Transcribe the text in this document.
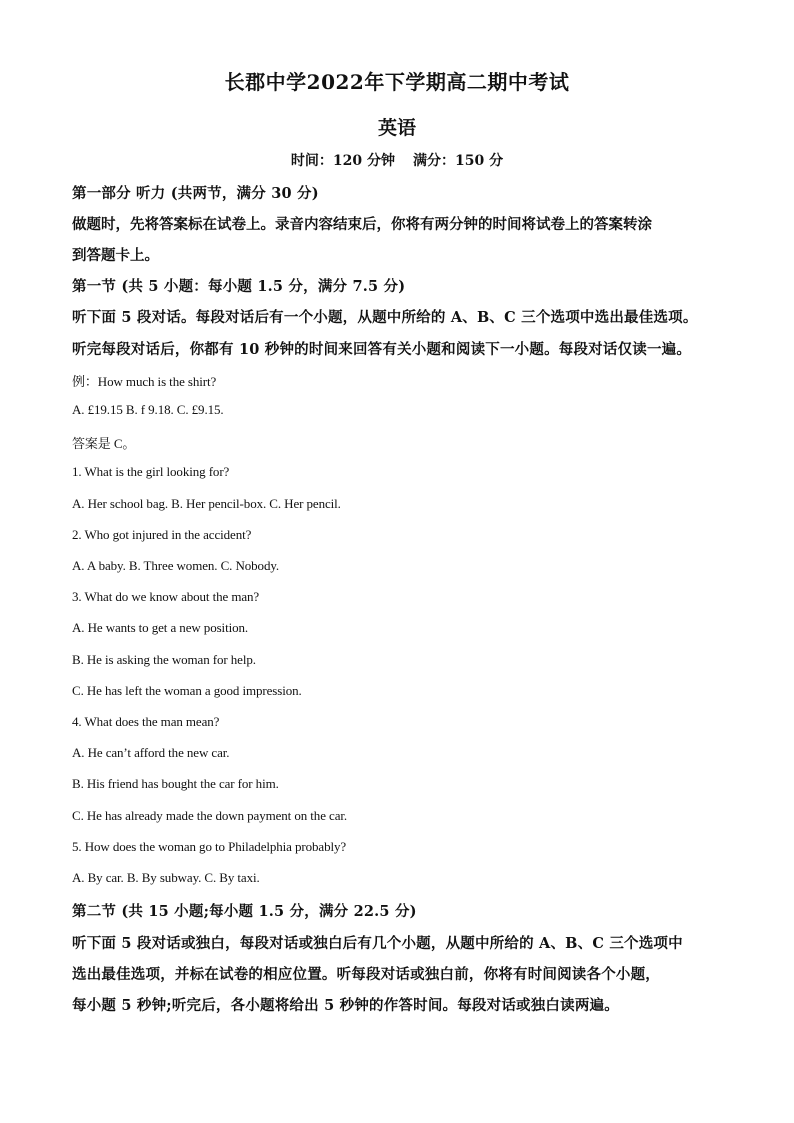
长郡中学2022年下学期高二期中考试
英语
时间：120 分钟 满分：150 分
第一部分 听力 (共两节，满分 30 分)
做题时，先将答案标在试卷上。录音内容结束后，你将有两分钟的时间将试卷上的答案转涂
到答题卡上。
第一节 (共 5 小题：每小题 1.5 分，满分 7.5 分)
听下面 5 段对话。每段对话后有一个小题，从题中所给的 A、B、C 三个选项中选出最佳选项。
听完每段对话后，你都有 10 秒钟的时间来回答有关小题和阅读下一小题。每段对话仅读一遍。
例：How much is the shirt?
A. £19.15 B. f 9.18. C. £9.15.
答案是 C。
1. What is the girl looking for?
A. Her school bag. B. Her pencil-box. C. Her pencil.
2. Who got injured in the accident?
A. A baby. B. Three women. C. Nobody.
3. What do we know about the man?
A. He wants to get a new position.
B. He is asking the woman for help.
C. He has left the woman a good impression.
4. What does the man mean?
A. He can’t afford the new car.
B. His friend has bought the car for him.
C. He has already made the down payment on the car.
5. How does the woman go to Philadelphia probably?
A. By car. B. By subway. C. By taxi.
第二节 (共 15 小题;每小题 1.5 分，满分 22.5 分)
听下面 5 段对话或独白，每段对话或独白后有几个小题，从题中所给的 A、B、C 三个选项中
选出最佳选项，并标在试卷的相应位置。听每段对话或独白前，你将有时间阅读各个小题，
每小题 5 秒钟;听完后，各小题将给出 5 秒钟的作答时间。每段对话或独白读两遍。
